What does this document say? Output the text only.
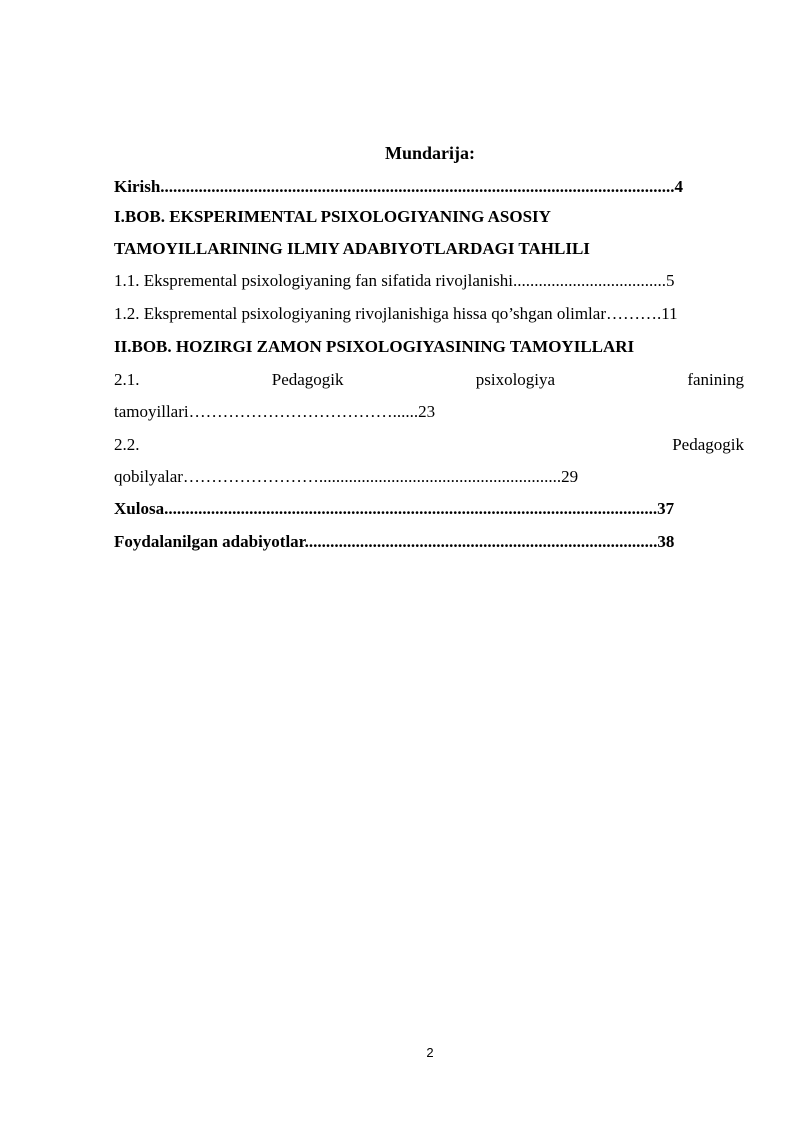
Mundarija:
Kirish.........................................................................................................................4
I.BOB. EKSPERIMENTAL PSIXOLOGIYANING ASOSIY
TAMOYILLARINING ILMIY ADABIYOTLARDAGI TAHLILI
1.1. Ekspremental psixologiyaning fan sifatida rivojlanishi....................................5
1.2. Ekspremental psixologiyaning rivojlanishiga hissa qo’shgan olimlar……….11
II.BOB. HOZIRGI ZAMON PSIXOLOGIYASINING TAMOYILLARI
2.1.	Pedagogik	psixologiya	fanining
tamoyillari………………………………......23
2.2.	Pedagogik
qobilyalar…………………….........................................................29
Xulosa....................................................................................................................37
Foydalanilgan adabiyotlar...................................................................................38
2
